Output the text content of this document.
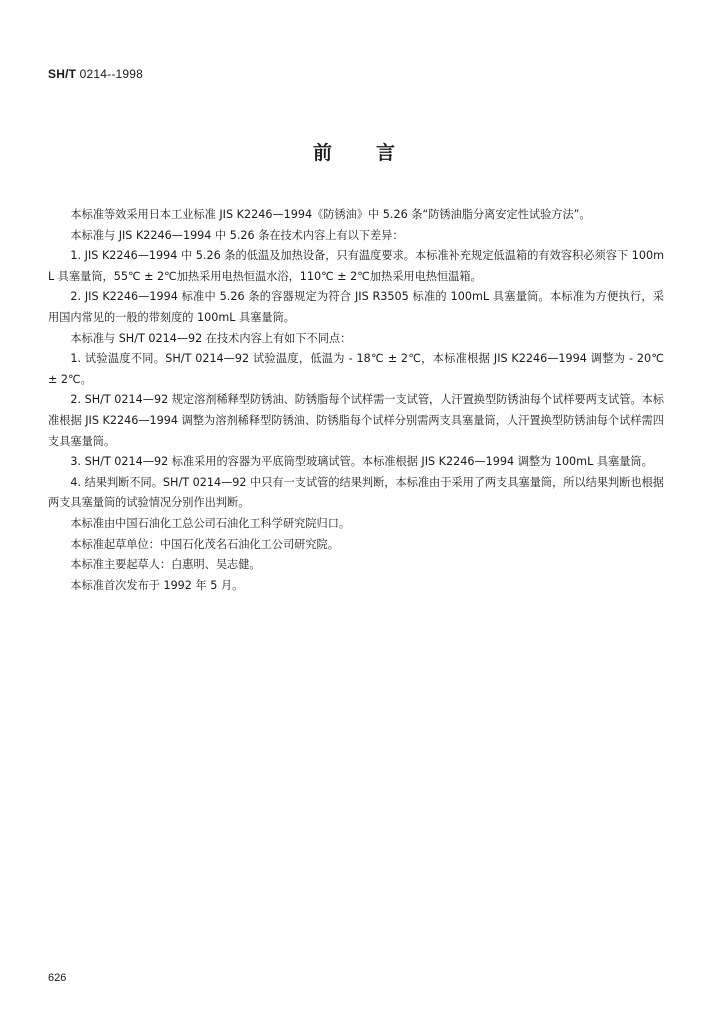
SH/T 0214--1998
前言

本标准等效采用日本工业标准 JIS K2246—1994《防锈油》中 5.26 条“防锈油脂分离安定性试验方法”。

本标准与 JIS K2246—1994 中 5.26 条在技术内容上有以下差异：

1. JIS K2246—1994 中 5.26 条的低温及加热设备，只有温度要求。本标准补充规定低温箱的有效容积必须容下 100mL 具塞量筒，55℃ ± 2℃加热采用电热恒温水浴，110℃ ± 2℃加热采用电热恒温箱。

2. JIS K2246—1994 标准中 5.26 条的容器规定为符合 JIS R3505 标准的 100mL 具塞量筒。本标准为方便执行，采用国内常见的一般的带刻度的 100mL 具塞量筒。

本标准与 SH/T 0214—92 在技术内容上有如下不同点：

1. 试验温度不同。SH/T 0214—92 试验温度，低温为 - 18℃ ± 2℃，本标准根据 JIS K2246—1994 调整为 - 20℃ ± 2℃。

2. SH/T 0214—92 规定溶剂稀释型防锈油、防锈脂每个试样需一支试管，人汗置换型防锈油每个试样要两支试管。本标准根据 JIS K2246—1994 调整为溶剂稀释型防锈油、防锈脂每个试样分别需两支具塞量筒，人汗置换型防锈油每个试样需四支具塞量筒。

3. SH/T 0214—92 标准采用的容器为平底筒型玻璃试管。本标准根据 JIS K2246—1994 调整为 100mL 具塞量筒。

4. 结果判断不同。SH/T 0214—92 中只有一支试管的结果判断，本标准由于采用了两支具塞量筒，所以结果判断也根据两支具塞量筒的试验情况分别作出判断。

本标准由中国石油化工总公司石油化工科学研究院归口。

本标准起草单位：中国石化茂名石油化工公司研究院。

本标准主要起草人：白惠明、吴志健。

本标准首次发布于 1992 年 5 月。

626
